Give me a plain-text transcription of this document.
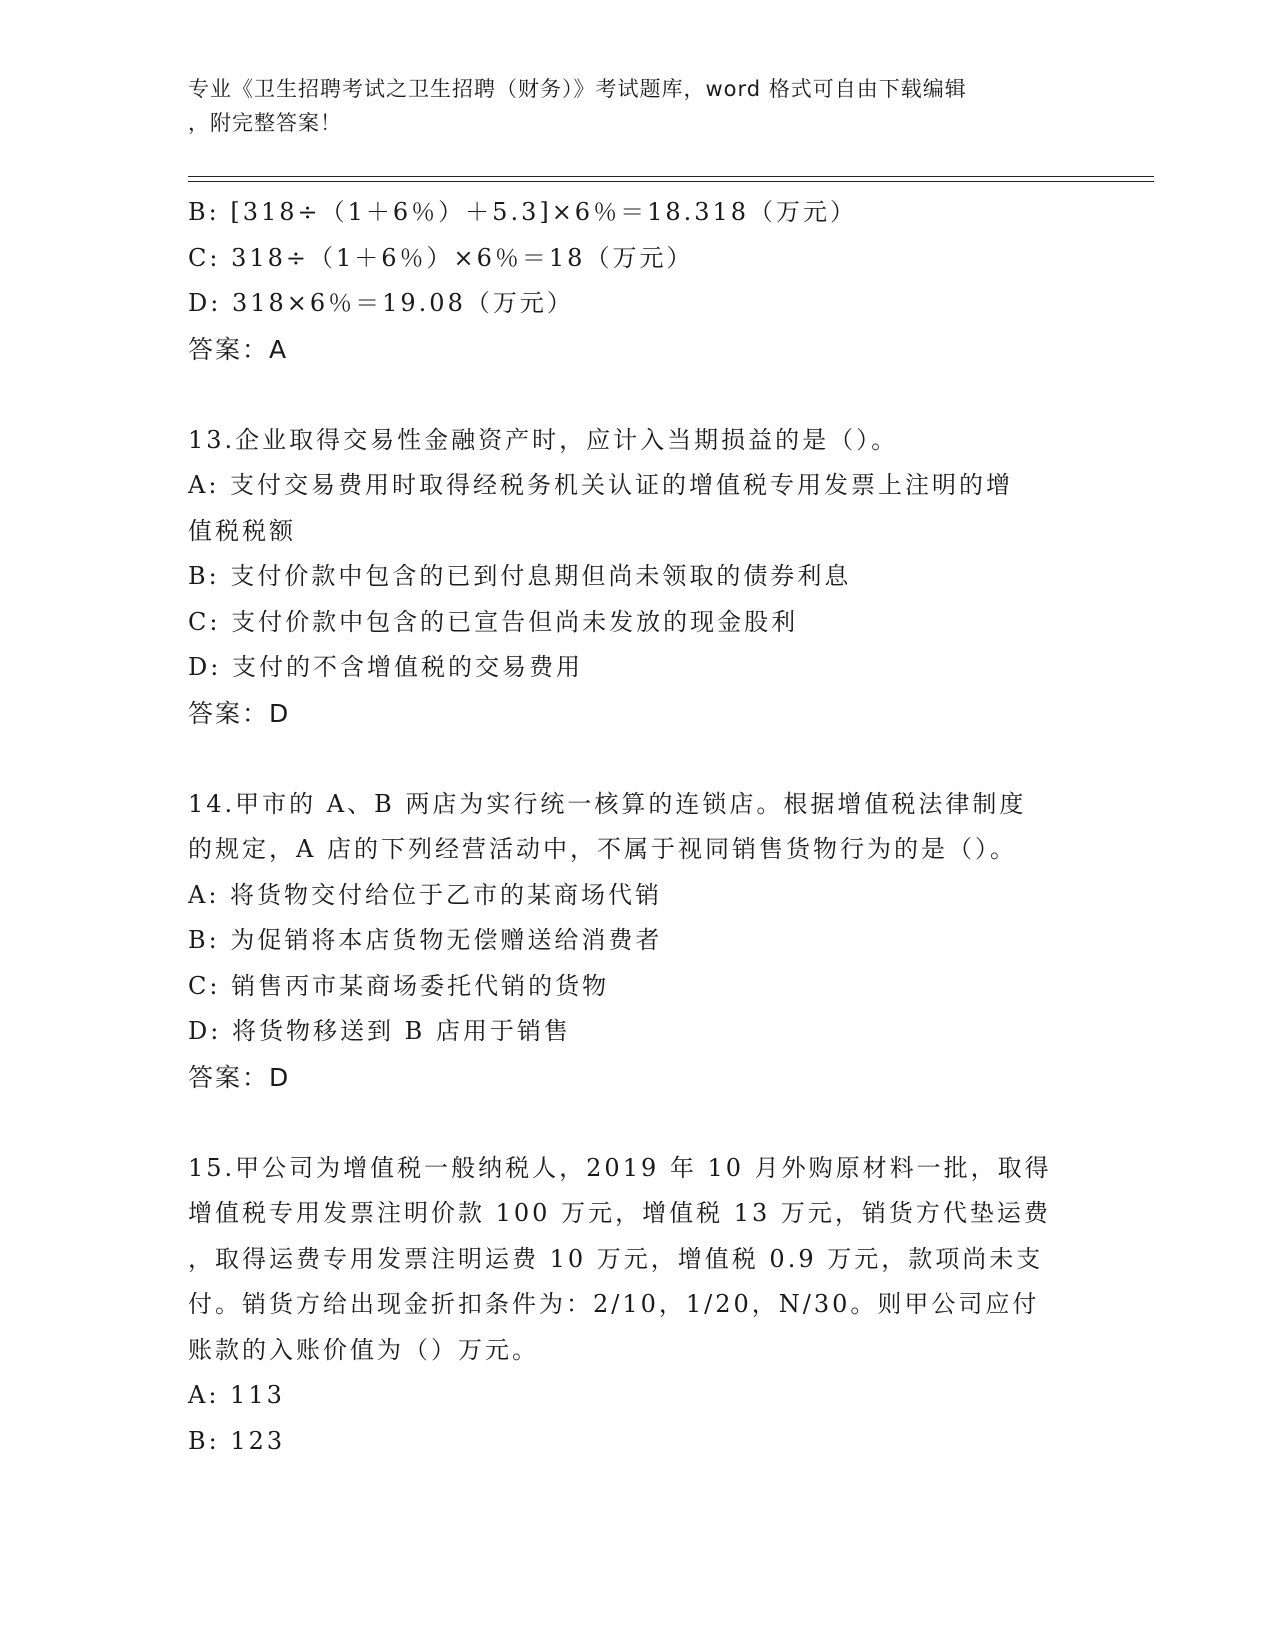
专业《卫生招聘考试之卫生招聘（财务）》考试题库，word 格式可自由下载编辑
，附完整答案！
B: [318÷（1＋6％）＋5.3]×6％＝18.318（万元）
C: 318÷（1＋6％）×6％＝18（万元）
D: 318×6％＝19.08（万元）
答案：A
13.企业取得交易性金融资产时，应计入当期损益的是（）。
A: 支付交易费用时取得经税务机关认证的增值税专用发票上注明的增
值税税额
B: 支付价款中包含的已到付息期但尚未领取的债券利息
C: 支付价款中包含的已宣告但尚未发放的现金股利
D: 支付的不含增值税的交易费用
答案：D
14.甲市的 A、B 两店为实行统一核算的连锁店。根据增值税法律制度
的规定，A 店的下列经营活动中，不属于视同销售货物行为的是（）。
A: 将货物交付给位于乙市的某商场代销
B: 为促销将本店货物无偿赠送给消费者
C: 销售丙市某商场委托代销的货物
D: 将货物移送到 B 店用于销售
答案：D
15.甲公司为增值税一般纳税人，2019 年 10 月外购原材料一批，取得
增值税专用发票注明价款 100 万元，增值税 13 万元，销货方代垫运费
，取得运费专用发票注明运费 10 万元，增值税 0.9 万元，款项尚未支
付。销货方给出现金折扣条件为：2/10，1/20，N/30。则甲公司应付
账款的入账价值为（）万元。
A: 113
B: 123
